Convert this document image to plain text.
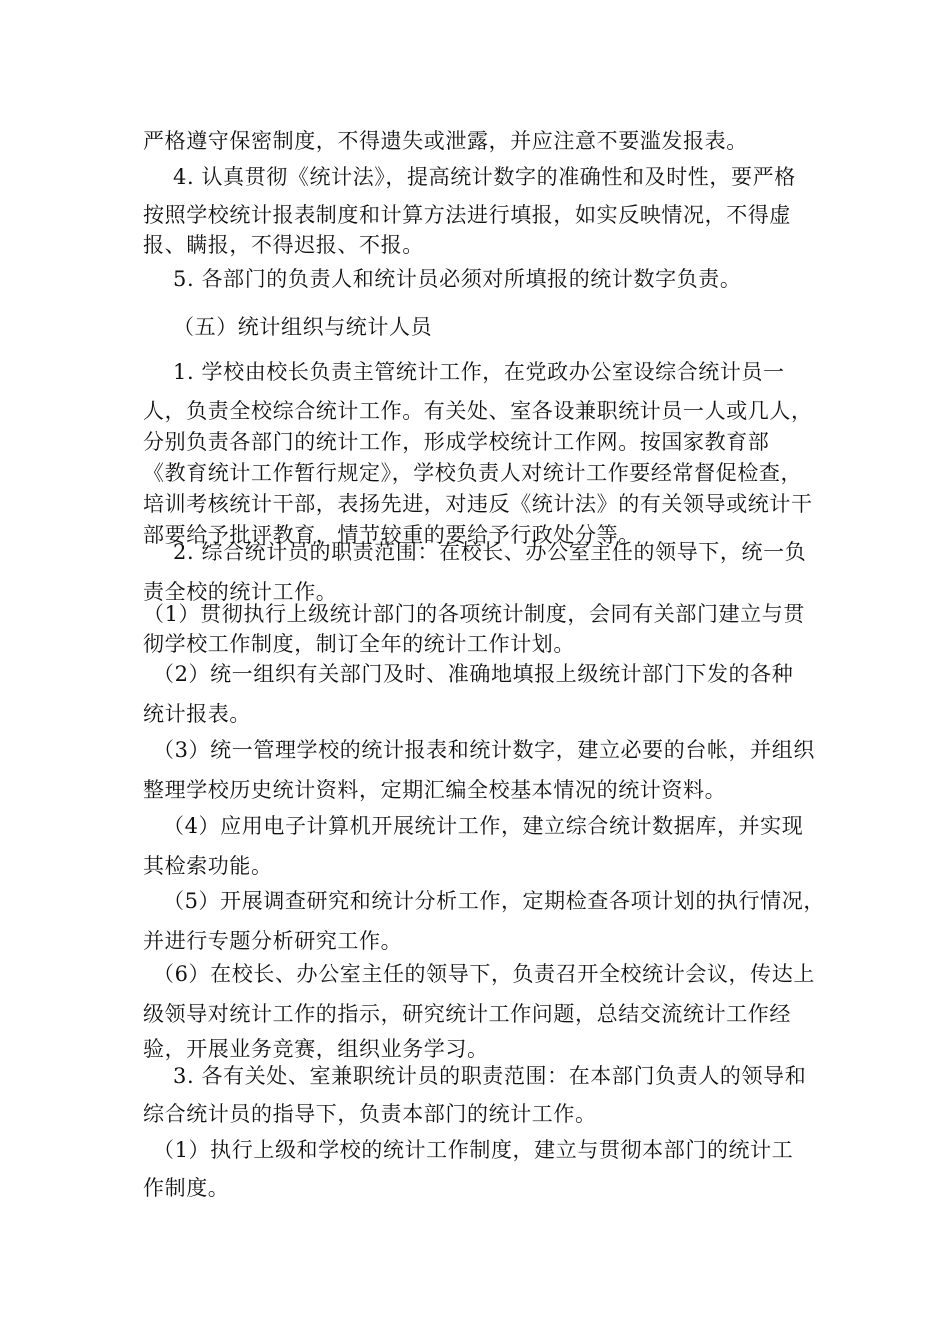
严格遵守保密制度，不得遗失或泄露，并应注意不要滥发报表。

4. 认真贯彻《统计法》，提高统计数字的准确性和及时性，要严格
按照学校统计报表制度和计算方法进行填报，如实反映情况，不得虚
报、瞒报，不得迟报、不报。

5. 各部门的负责人和统计员必须对所填报的统计数字负责。

（五）统计组织与统计人员

1. 学校由校长负责主管统计工作，在党政办公室设综合统计员一
人，负责全校综合统计工作。有关处、室各设兼职统计员一人或几人，
分别负责各部门的统计工作，形成学校统计工作网。按国家教育部
《教育统计工作暂行规定》，学校负责人对统计工作要经常督促检查，
培训考核统计干部，表扬先进，对违反《统计法》的有关领导或统计干
部要给予批评教育，情节较重的要给予行政处分等。

2. 综合统计员的职责范围：在校长、办公室主任的领导下，统一负
责全校的统计工作。

（1）贯彻执行上级统计部门的各项统计制度，会同有关部门建立与贯
彻学校工作制度，制订全年的统计工作计划。

（2）统一组织有关部门及时、准确地填报上级统计部门下发的各种
统计报表。

（3）统一管理学校的统计报表和统计数字，建立必要的台帐，并组织
整理学校历史统计资料，定期汇编全校基本情况的统计资料。

（4）应用电子计算机开展统计工作，建立综合统计数据库，并实现
其检索功能。

（5）开展调查研究和统计分析工作，定期检查各项计划的执行情况，
并进行专题分析研究工作。

（6）在校长、办公室主任的领导下，负责召开全校统计会议，传达上
级领导对统计工作的指示，研究统计工作问题，总结交流统计工作经
验，开展业务竞赛，组织业务学习。

3. 各有关处、室兼职统计员的职责范围：在本部门负责人的领导和
综合统计员的指导下，负责本部门的统计工作。

（1）执行上级和学校的统计工作制度，建立与贯彻本部门的统计工
作制度。
